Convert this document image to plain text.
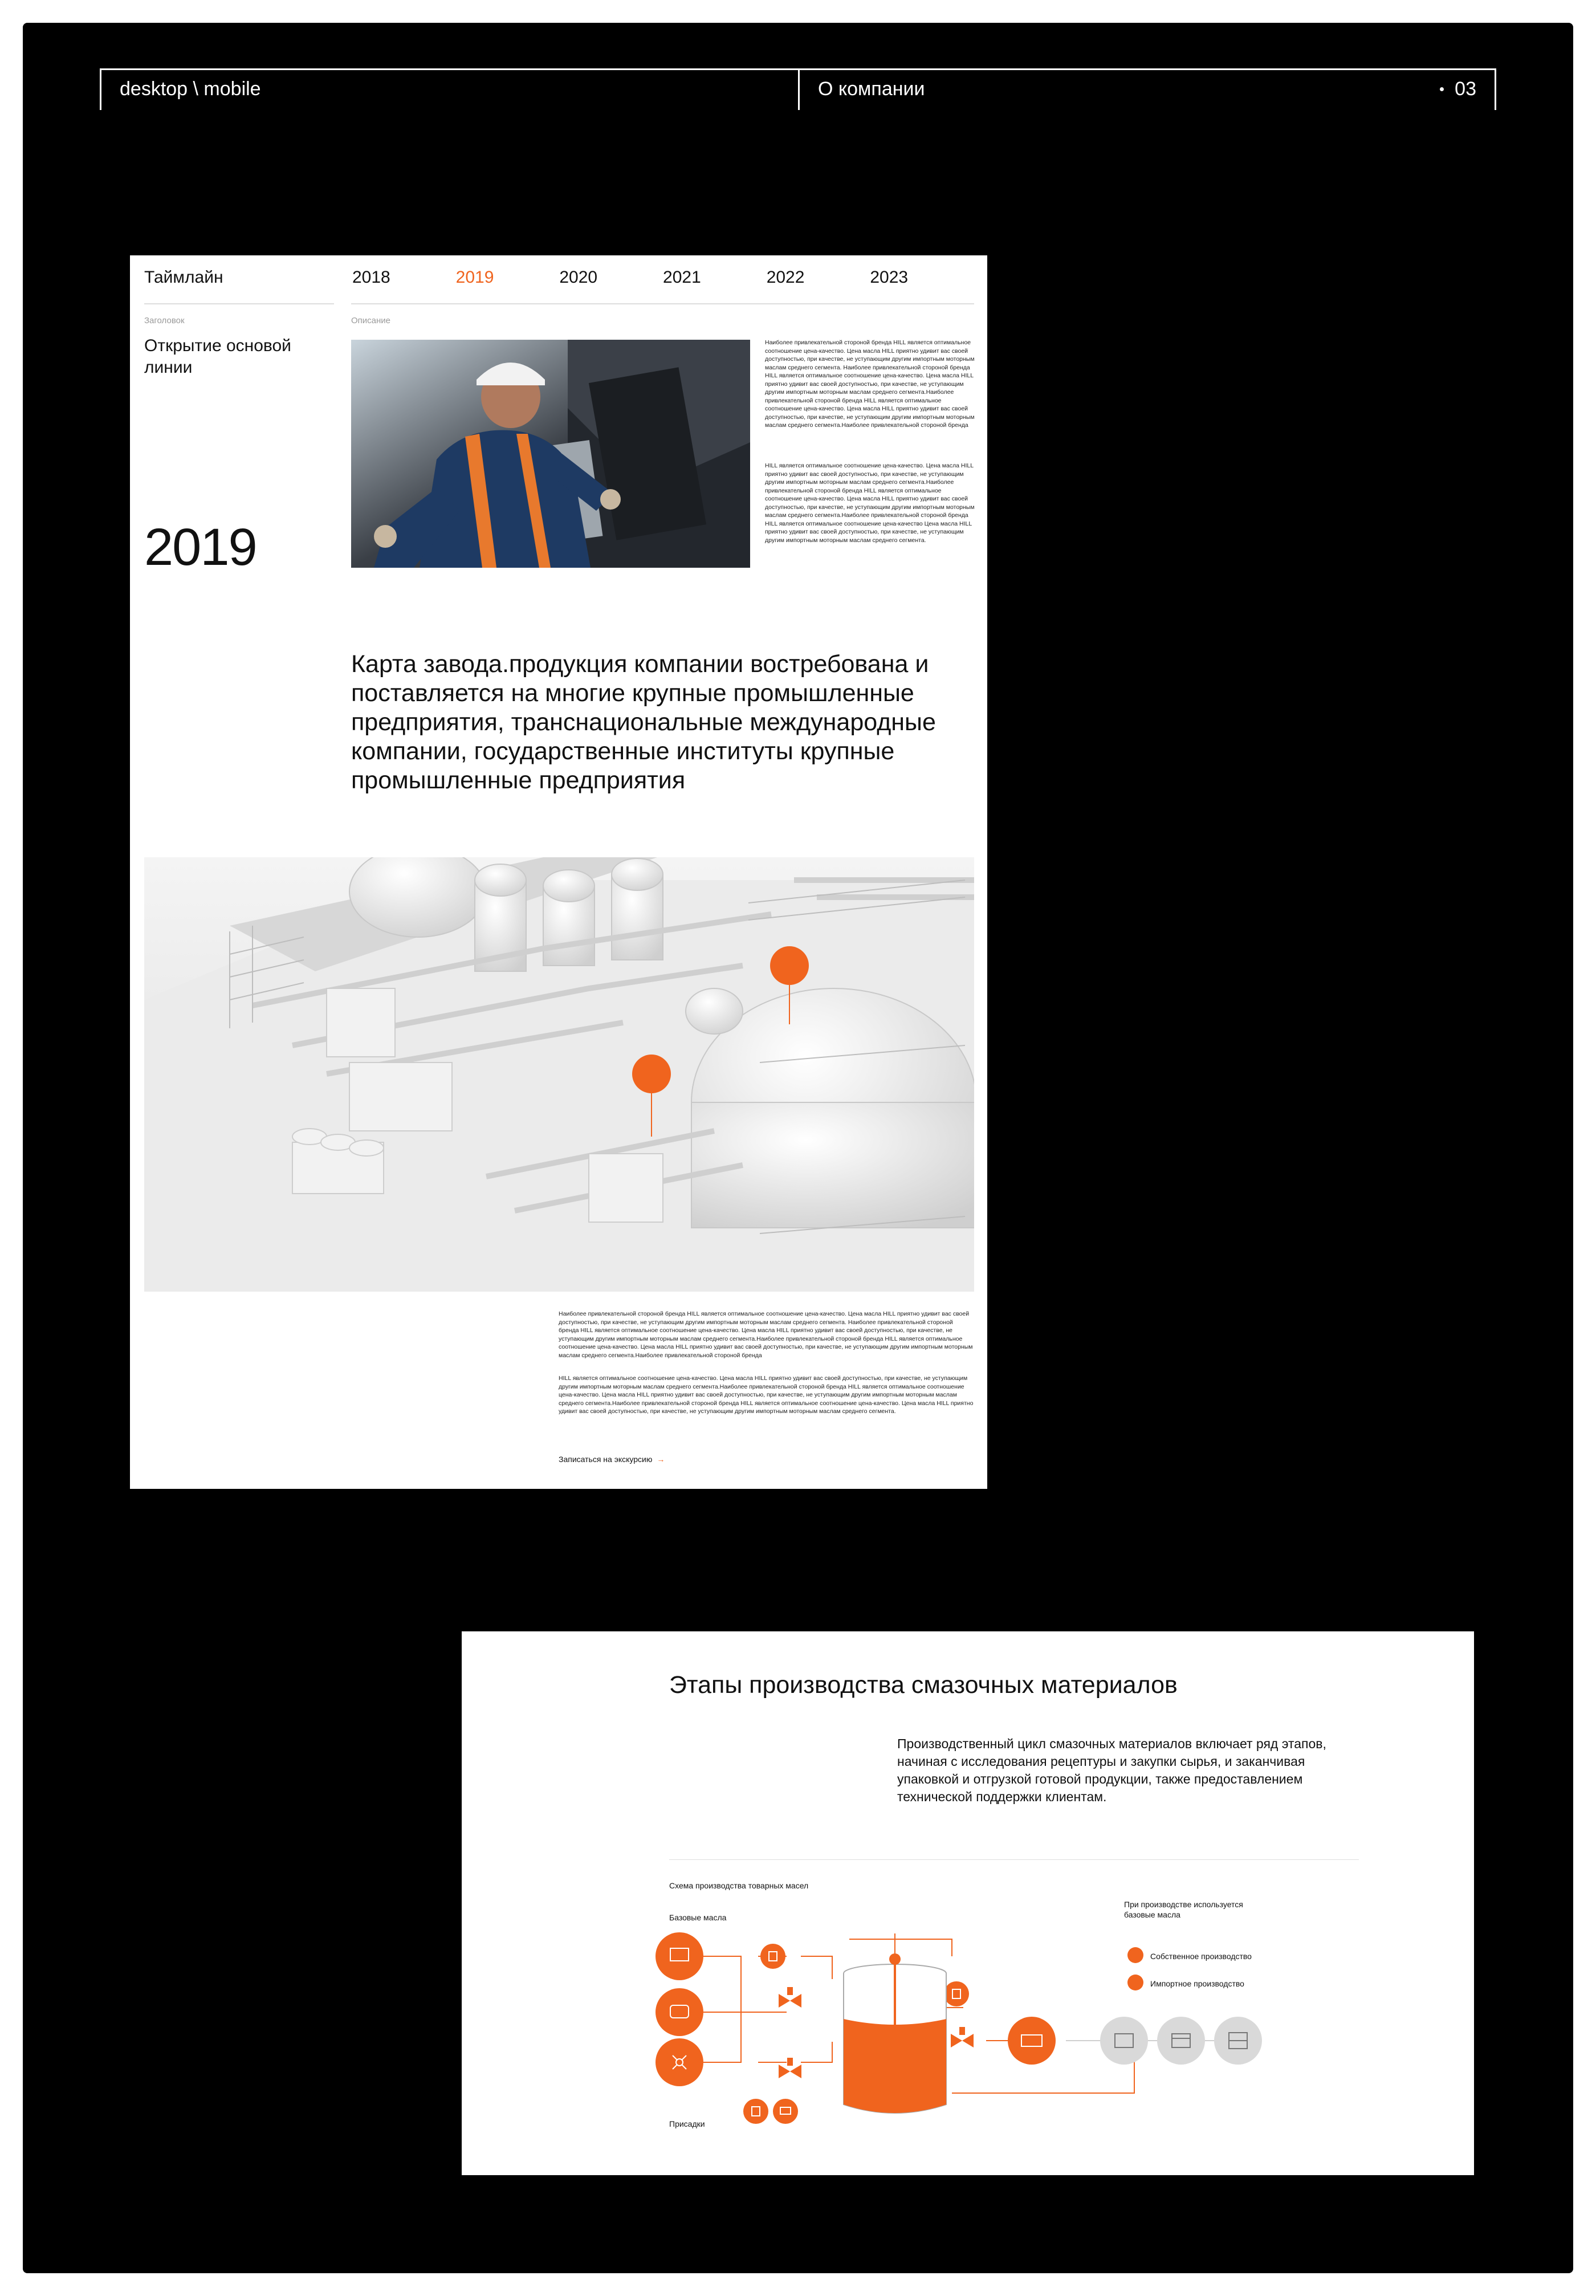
desktop \ mobile	О компании	03
Таймлайн	2018	2019	2020	2021	2022	2023
Заголовок
Открытие основой линии
2019
Описание
Наиболее привлекательной стороной бренда HILL является оптимальное соотношение цена-качество. Цена масла HILL приятно удивит вас своей доступностью, при качестве, не уступающим другим импортным моторным маслам среднего сегмента. Наиболее привлекательной стороной бренда HILL является оптимальное соотношение цена-качество. Цена масла HILL приятно удивит вас своей доступностью, при качестве, не уступающим другим импортным моторным маслам среднего сегмента.Наиболее привлекательной стороной бренда HILL является оптимальное соотношение цена-качество. Цена масла HILL приятно удивит вас своей доступностью, при качестве, не уступающим другим импортным моторным маслам среднего сегмента.Наиболее привлекательной стороной бренда
HILL является оптимальное соотношение цена-качество. Цена масла HILL приятно удивит вас своей доступностью, при качестве, не уступающим другим импортным моторным маслам среднего сегмента.Наиболее привлекательной стороной бренда HILL является оптимальное соотношение цена-качество. Цена масла HILL приятно удивит вас своей доступностью, при качестве, не уступающим другим импортным моторным маслам среднего сегмента.Наиболее привлекательной стороной бренда HILL является оптимальное соотношение цена-качество Цена масла HILL приятно удивит вас своей доступностью, при качестве, не уступающим другим импортным моторным маслам среднего сегмента.
Карта завода.продукция компании востребована и поставляется на многие крупные промышленные предприятия, транснациональные международные компании, государственные институты крупные промышленные предприятия
Наиболее привлекательной стороной бренда HILL является оптимальное соотношение цена-качество. Цена масла HILL приятно удивит вас своей доступностью, при качестве, не уступающим другим импортным моторным маслам среднего сегмента. Наиболее привлекательной стороной бренда HILL является оптимальное соотношение цена-качество. Цена масла HILL приятно удивит вас своей доступностью, при качестве, не уступающим другим импортным моторным маслам среднего сегмента.Наиболее привлекательной стороной бренда HILL является оптимальное соотношение цена-качество. Цена масла HILL приятно удивит вас своей доступностью, при качестве, не уступающим другим импортным моторным маслам среднего сегмента.Наиболее привлекательной стороной бренда
HILL является оптимальное соотношение цена-качество. Цена масла HILL приятно удивит вас своей доступностью, при качестве, не уступающим другим импортным моторным маслам среднего сегмента.Наиболее привлекательной стороной бренда HILL является оптимальное соотношение цена-качество. Цена масла HILL приятно удивит вас своей доступностью, при качестве, не уступающим другим импортным моторным маслам среднего сегмента.Наиболее привлекательной стороной бренда HILL является оптимальное соотношение цена-качество. Цена масла HILL приятно удивит вас своей доступностью, при качестве, не уступающим другим импортным моторным маслам среднего сегмента.
Записаться на экскурсию →
Этапы производства смазочных материалов
Производственный цикл смазочных материалов включает ряд этапов, начиная с исследования рецептуры и закупки сырья, и заканчивая упаковкой и отгрузкой готовой продукции, также предоставлением технической поддержки клиентам.
Схема производства товарных масел
Базовые масла
Присадки
При производстве используется базовые масла
Собственное производство
Импортное производство
